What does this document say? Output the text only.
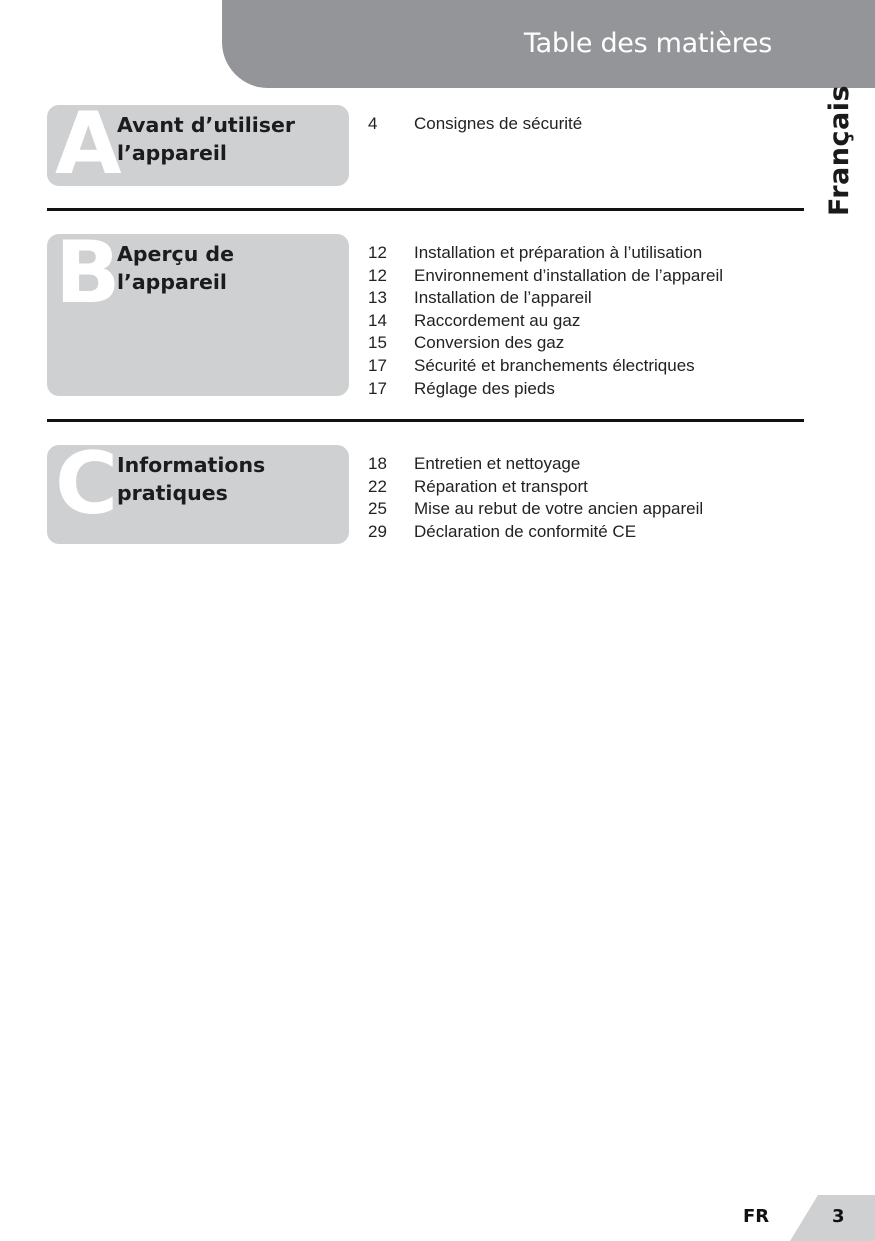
Table des matières
Français
A
Avant d’utiliser
l’appareil
4 Consignes de sécurité
B
Aperçu de l’appareil
12 Installation et préparation à l’utilisation
12 Environnement d’installation de l’appareil
13 Installation de l’appareil
14 Raccordement au gaz
15 Conversion des gaz
17 Sécurité et branchements électriques
17 Réglage des pieds
C
Informations
pratiques
18 Entretien et nettoyage
22 Réparation et transport
25 Mise au rebut de votre ancien appareil
29 Déclaration de conformité CE
FR	3
